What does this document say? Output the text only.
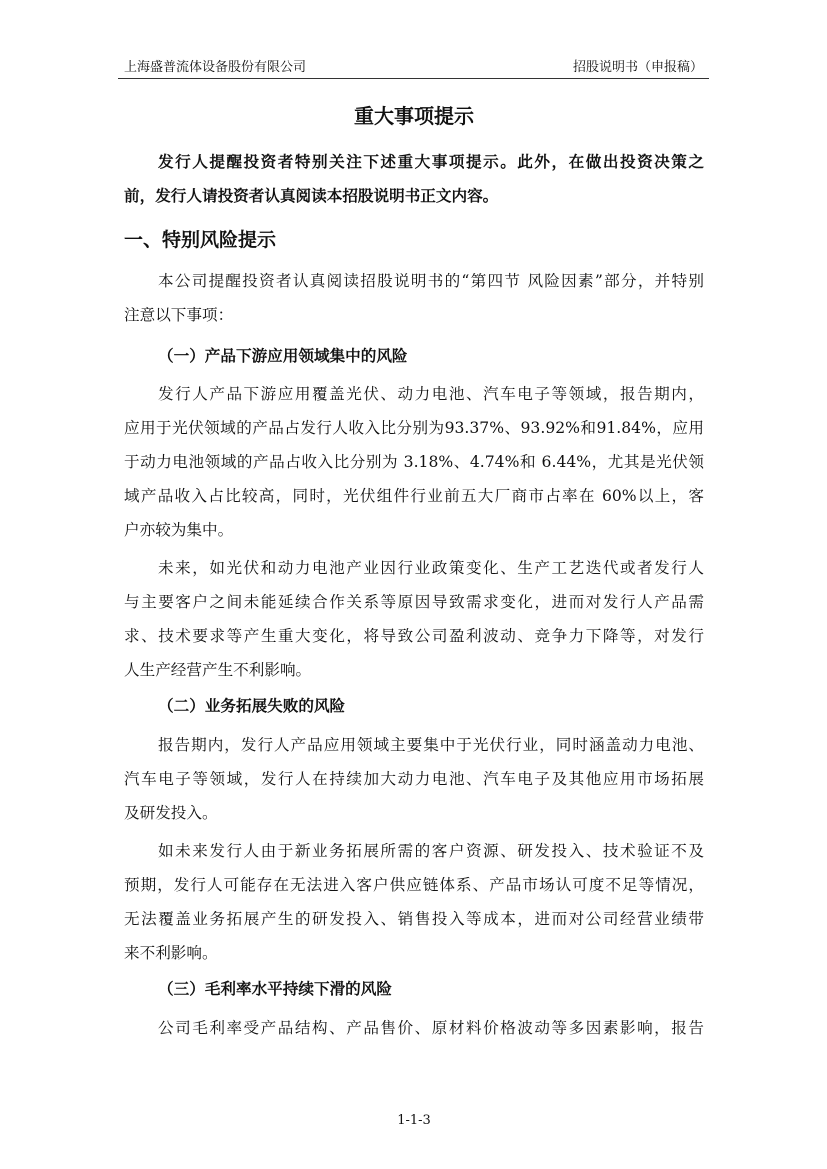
上海盛普流体设备股份有限公司	招股说明书（申报稿）
重大事项提示
发行人提醒投资者特别关注下述重大事项提示。此外，在做出投资决策之
前，发行人请投资者认真阅读本招股说明书正文内容。
一、特别风险提示
本公司提醒投资者认真阅读招股说明书的“第四节 风险因素”部分，并特别
注意以下事项：
（一）产品下游应用领域集中的风险
发行人产品下游应用覆盖光伏、动力电池、汽车电子等领域，报告期内，
应用于光伏领域的产品占发行人收入比分别为93.37%、93.92%和91.84%，应用
于动力电池领域的产品占收入比分别为 3.18%、4.74%和 6.44%，尤其是光伏领
域产品收入占比较高，同时，光伏组件行业前五大厂商市占率在 60%以上，客
户亦较为集中。
未来，如光伏和动力电池产业因行业政策变化、生产工艺迭代或者发行人
与主要客户之间未能延续合作关系等原因导致需求变化，进而对发行人产品需
求、技术要求等产生重大变化，将导致公司盈利波动、竞争力下降等，对发行
人生产经营产生不利影响。
（二）业务拓展失败的风险
报告期内，发行人产品应用领域主要集中于光伏行业，同时涵盖动力电池、
汽车电子等领域，发行人在持续加大动力电池、汽车电子及其他应用市场拓展
及研发投入。
如未来发行人由于新业务拓展所需的客户资源、研发投入、技术验证不及
预期，发行人可能存在无法进入客户供应链体系、产品市场认可度不足等情况，
无法覆盖业务拓展产生的研发投入、销售投入等成本，进而对公司经营业绩带
来不利影响。
（三）毛利率水平持续下滑的风险
公司毛利率受产品结构、产品售价、原材料价格波动等多因素影响，报告
1-1-3
